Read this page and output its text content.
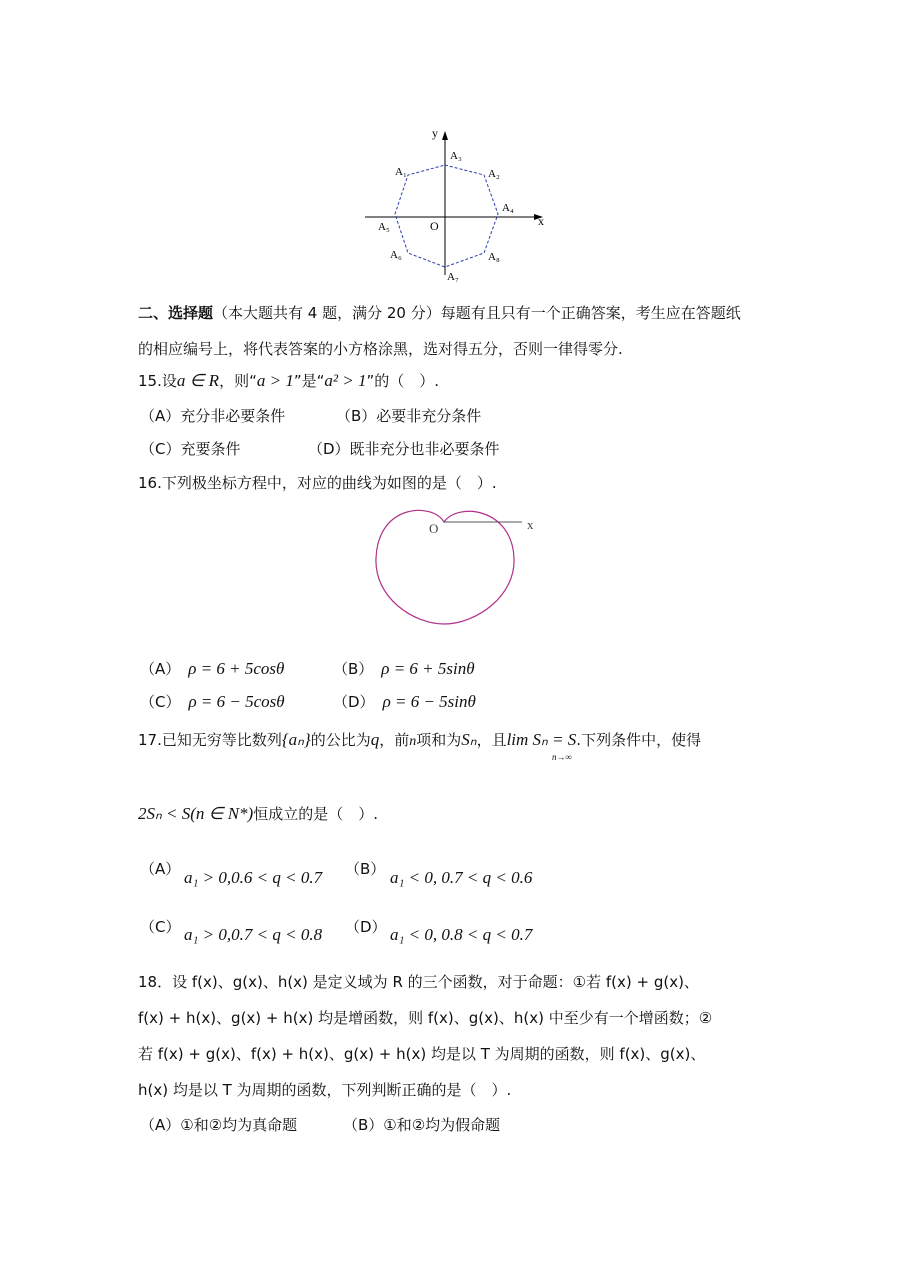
x
y
O
A₁	A₂
A₃
A₄
A₅
A₆
A₇
A₈
二、选择题（本大题共有 4 题，满分 20 分）每题有且只有一个正确答案，考生应在答题纸
的相应编号上，将代表答案的小方格涂黑，选对得五分，否则一律得零分.
15.设a ∈ R，则“a > 1”是“a² > 1”的（　）.
（A）充分非必要条件	（B）必要非充分条件
（C）充要条件	（D）既非充分也非必要条件
16.下列极坐标方程中，对应的曲线为如图的是（　）.
O	x
（A） ρ = 6 + 5cosθ	（B） ρ = 6 + 5sinθ
（C） ρ = 6 − 5cosθ	（D） ρ = 6 − 5sinθ
17.已知无穷等比数列{aₙ}的公比为q，前n项和为Sₙ，且lim Sₙ = S.下列条件中，使得
n→∞
2Sₙ < S(n ∈ N*)恒成立的是（　）.
（A） a₁ > 0,0.6 < q < 0.7 （B） a₁ < 0, 0.7 < q < 0.6
（C） a₁ > 0,0.7 < q < 0.8 （D） a₁ < 0, 0.8 < q < 0.7
18．设 f(x)、g(x)、h(x) 是定义域为 R 的三个函数，对于命题：①若 f(x) + g(x)、
f(x) + h(x)、g(x) + h(x) 均是增函数，则 f(x)、g(x)、h(x) 中至少有一个增函数；②
若 f(x) + g(x)、f(x) + h(x)、g(x) + h(x) 均是以 T 为周期的函数，则 f(x)、g(x)、
h(x) 均是以 T 为周期的函数，下列判断正确的是（　）.
（A）①和②均为真命题	（B）①和②均为假命题
